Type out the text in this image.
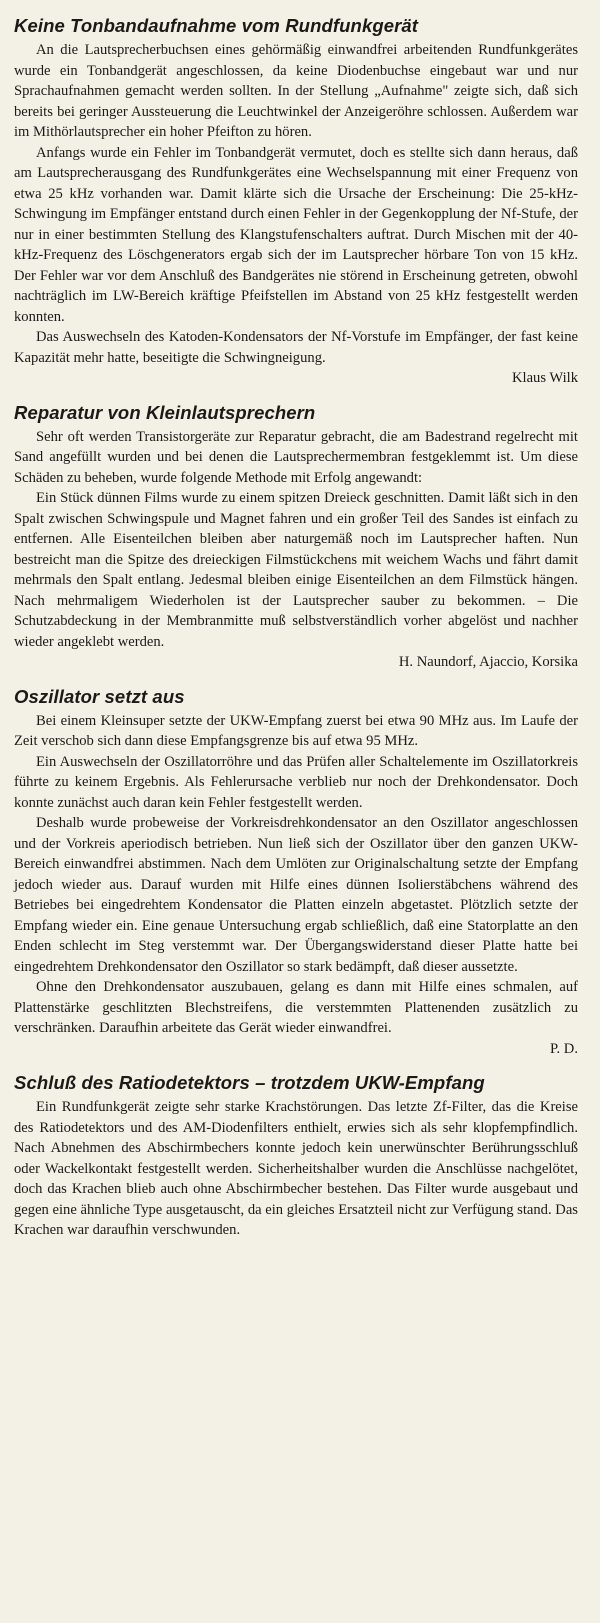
Keine Tonbandaufnahme vom Rundfunkgerät

An die Lautsprecherbuchsen eines gehörmäßig einwandfrei arbeitenden Rundfunkgerätes wurde ein Tonbandgerät angeschlossen, da keine Diodenbuchse eingebaut war und nur Sprachaufnahmen gemacht werden sollten. In der Stellung „Aufnahme" zeigte sich, daß sich bereits bei geringer Aussteuerung die Leuchtwinkel der Anzeigeröhre schlossen. Außerdem war im Mithörlautsprecher ein hoher Pfeifton zu hören.

Anfangs wurde ein Fehler im Tonbandgerät vermutet, doch es stellte sich dann heraus, daß am Lautsprecherausgang des Rundfunkgerätes eine Wechselspannung mit einer Frequenz von etwa 25 kHz vorhanden war. Damit klärte sich die Ursache der Erscheinung: Die 25-kHz-Schwingung im Empfänger entstand durch einen Fehler in der Gegenkopplung der Nf-Stufe, der nur in einer bestimmten Stellung des Klangstufenschalters auftrat. Durch Mischen mit der 40-kHz-Frequenz des Löschgenerators ergab sich der im Lautsprecher hörbare Ton von 15 kHz. Der Fehler war vor dem Anschluß des Bandgerätes nie störend in Erscheinung getreten, obwohl nachträglich im LW-Bereich kräftige Pfeifstellen im Abstand von 25 kHz festgestellt werden konnten.

Das Auswechseln des Katoden-Kondensators der Nf-Vorstufe im Empfänger, der fast keine Kapazität mehr hatte, beseitigte die Schwingneigung.

Klaus Wilk
Reparatur von Kleinlautsprechern

Sehr oft werden Transistorgeräte zur Reparatur gebracht, die am Badestrand regelrecht mit Sand angefüllt wurden und bei denen die Lautsprechermembran festgeklemmt ist. Um diese Schäden zu beheben, wurde folgende Methode mit Erfolg angewandt:

Ein Stück dünnen Films wurde zu einem spitzen Dreieck geschnitten. Damit läßt sich in den Spalt zwischen Schwingspule und Magnet fahren und ein großer Teil des Sandes ist einfach zu entfernen. Alle Eisenteilchen bleiben aber naturgemäß noch im Lautsprecher haften. Nun bestreicht man die Spitze des dreieckigen Filmstückchens mit weichem Wachs und fährt damit mehrmals den Spalt entlang. Jedesmal bleiben einige Eisenteilchen an dem Filmstück hängen. Nach mehrmaligem Wiederholen ist der Lautsprecher sauber zu bekommen. – Die Schutzabdeckung in der Membranmitte muß selbstverständlich vorher abgelöst und nachher wieder angeklebt werden.

H. Naundorf, Ajaccio, Korsika
Oszillator setzt aus

Bei einem Kleinsuper setzte der UKW-Empfang zuerst bei etwa 90 MHz aus. Im Laufe der Zeit verschob sich dann diese Empfangsgrenze bis auf etwa 95 MHz.

Ein Auswechseln der Oszillatorröhre und das Prüfen aller Schaltelemente im Oszillatorkreis führte zu keinem Ergebnis. Als Fehlerursache verblieb nur noch der Drehkondensator. Doch konnte zunächst auch daran kein Fehler festgestellt werden.

Deshalb wurde probeweise der Vorkreisdrehkondensator an den Oszillator angeschlossen und der Vorkreis aperiodisch betrieben. Nun ließ sich der Oszillator über den ganzen UKW-Bereich einwandfrei abstimmen. Nach dem Umlöten zur Originalschaltung setzte der Empfang jedoch wieder aus. Darauf wurden mit Hilfe eines dünnen Isolierstäbchens während des Betriebes bei eingedrehtem Kondensator die Platten einzeln abgetastet. Plötzlich setzte der Empfang wieder ein. Eine genaue Untersuchung ergab schließlich, daß eine Statorplatte an den Enden schlecht im Steg verstemmt war. Der Übergangswiderstand dieser Platte hatte bei eingedrehtem Drehkondensator den Oszillator so stark bedämpft, daß dieser aussetzte.

Ohne den Drehkondensator auszubauen, gelang es dann mit Hilfe eines schmalen, auf Plattenstärke geschlitzten Blechstreifens, die verstemmten Plattenenden zusätzlich zu verschränken. Daraufhin arbeitete das Gerät wieder einwandfrei.

P. D.
Schluß des Ratiodetektors – trotzdem UKW-Empfang

Ein Rundfunkgerät zeigte sehr starke Krachstörungen. Das letzte Zf-Filter, das die Kreise des Ratiodetektors und des AM-Diodenfilters enthielt, erwies sich als sehr klopfempfindlich. Nach Abnehmen des Abschirmbechers konnte jedoch kein unerwünschter Berührungsschluß oder Wackelkontakt festgestellt werden. Sicherheitshalber wurden die Anschlüsse nachgelötet, doch das Krachen blieb auch ohne Abschirmbecher bestehen. Das Filter wurde ausgebaut und gegen eine ähnliche Type ausgetauscht, da ein gleiches Ersatzteil nicht zur Verfügung stand. Das Krachen war daraufhin verschwunden.
